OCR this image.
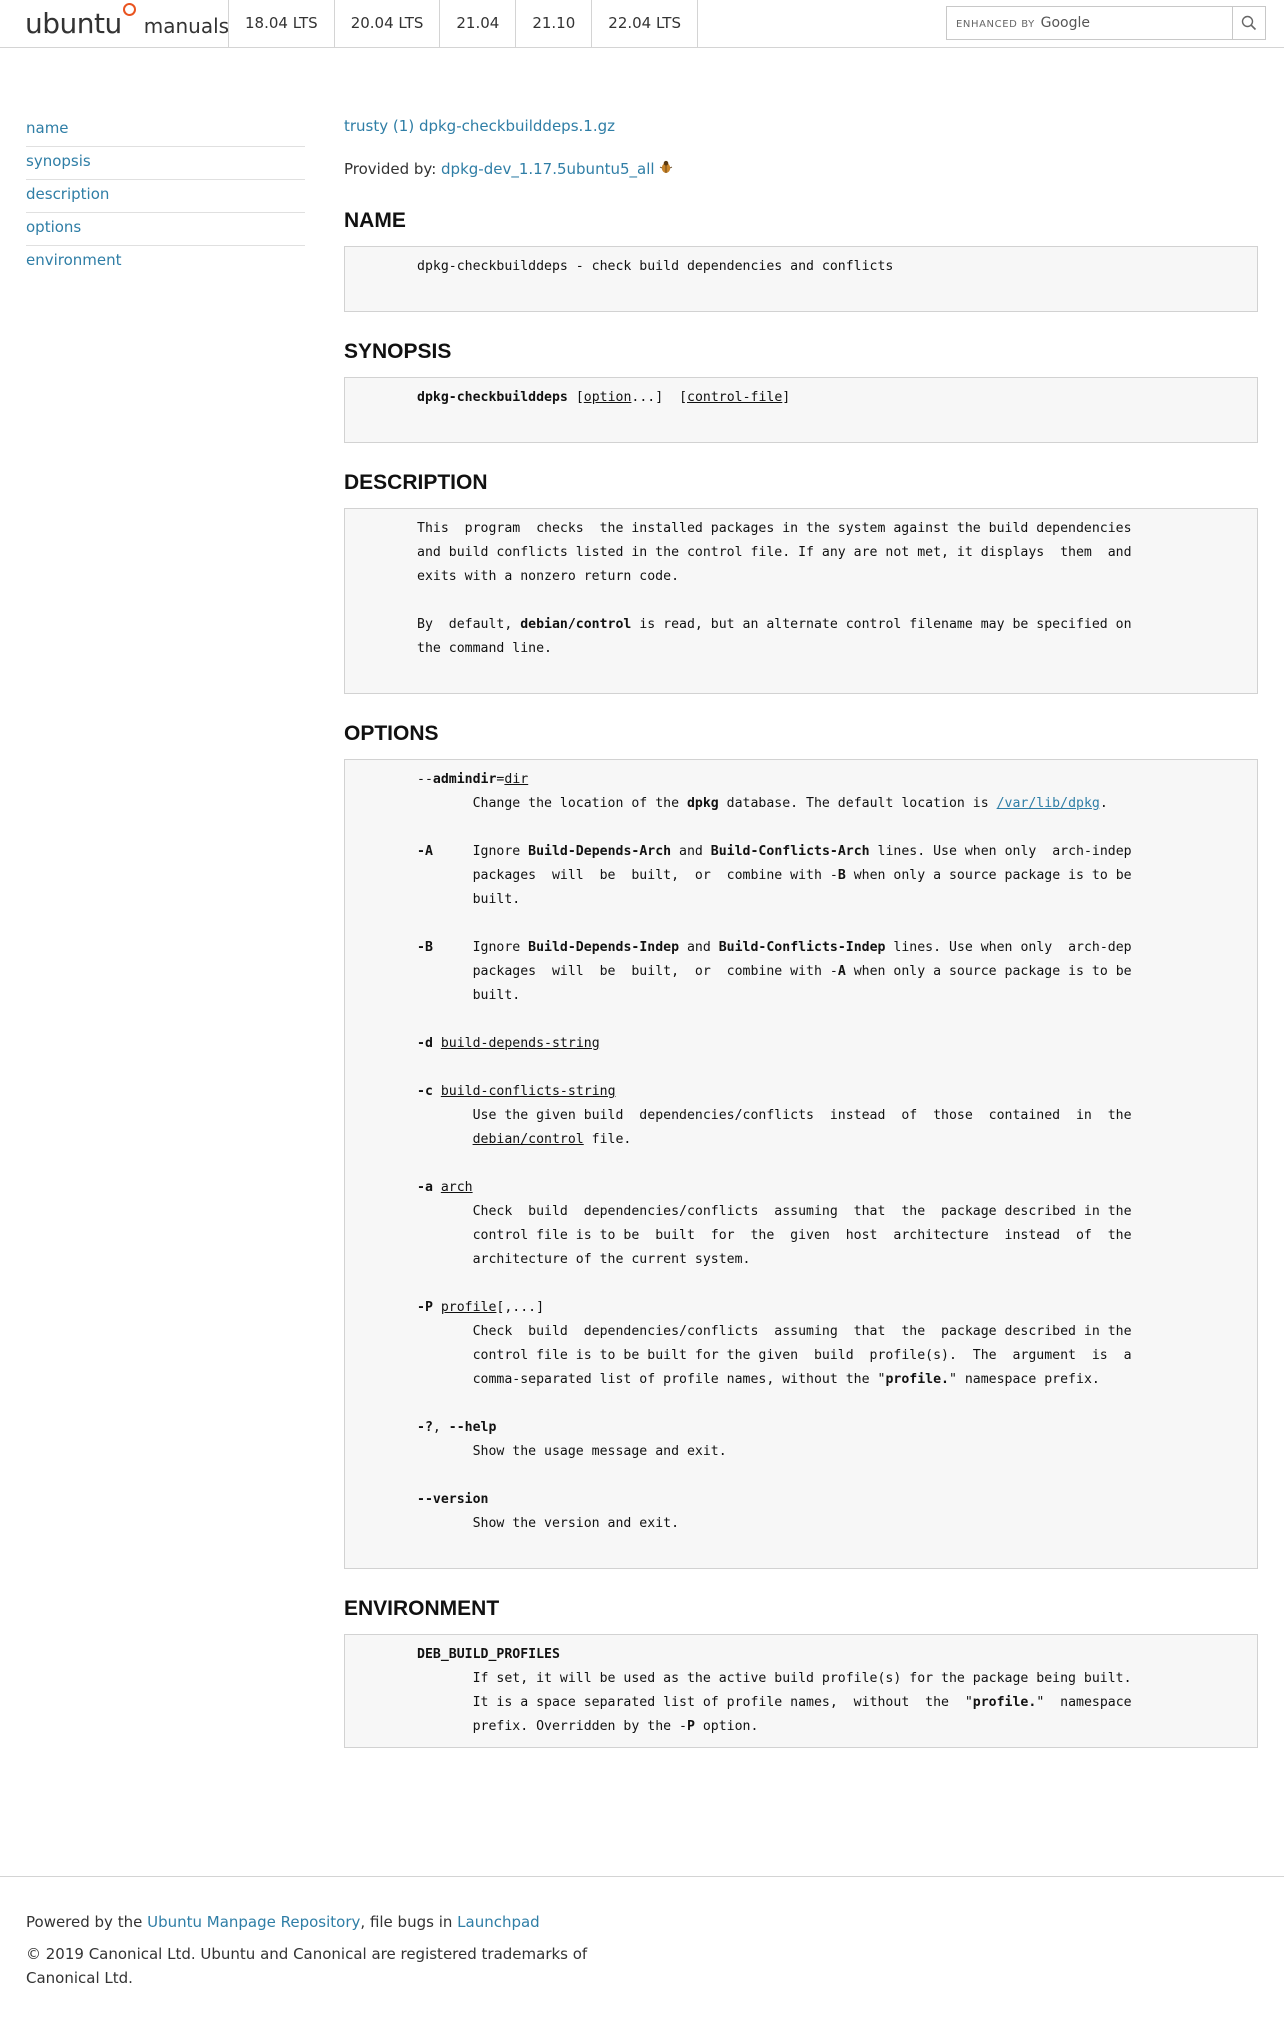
ubuntu manuals	18.04 LTS	20.04 LTS	21.04	21.10	22.04 LTS	ENHANCED BY Google
name
synopsis
description
options
environment
trusty (1) dpkg-checkbuilddeps.1.gz
Provided by:
dpkg-dev_1.17.5ubuntu5_all
NAME
dpkg-checkbuilddeps - check build dependencies and conflicts
SYNOPSIS
dpkg-checkbuilddeps [option...] [control-file]
DESCRIPTION
This  program  checks  the installed packages in the system against the build dependencies
and build conflicts listed in the control file. If any are not met, it displays  them  and
exits with a nonzero return code.

By  default, debian/control is read, but an alternate control filename may be specified on
the command line.
OPTIONS
--admindir=dir
Change the location of the dpkg database. The default location is /var/lib/dpkg.

-A	Ignore Build-Depends-Arch and Build-Conflicts-Arch lines. Use when only  arch-indep
packages  will  be  built,  or  combine with -B when only a source package is to be
built.

-B	Ignore Build-Depends-Indep and Build-Conflicts-Indep lines. Use when only  arch-dep
packages  will  be  built,  or  combine with -A when only a source package is to be
built.

-d build-depends-string

-c build-conflicts-string
Use the given build  dependencies/conflicts  instead  of  those  contained  in  the
debian/control file.

-a arch
Check  build  dependencies/conflicts  assuming  that  the  package described in the
control file is to be  built  for  the  given  host  architecture  instead  of  the
architecture of the current system.

-P profile[,...]
Check  build  dependencies/conflicts  assuming  that  the  package described in the
control file is to be built for the given  build  profile(s).  The  argument  is  a
comma-separated list of profile names, without the "profile." namespace prefix.

-?, --help
Show the usage message and exit.

--version
Show the version and exit.
ENVIRONMENT
DEB_BUILD_PROFILES
If set, it will be used as the active build profile(s) for the package being built.
It is a space separated list of profile names,  without  the  "profile."  namespace
prefix. Overridden by the -P option.
Powered by the Ubuntu Manpage Repository, file bugs in Launchpad
© 2019 Canonical Ltd. Ubuntu and Canonical are registered trademarks of Canonical Ltd.
